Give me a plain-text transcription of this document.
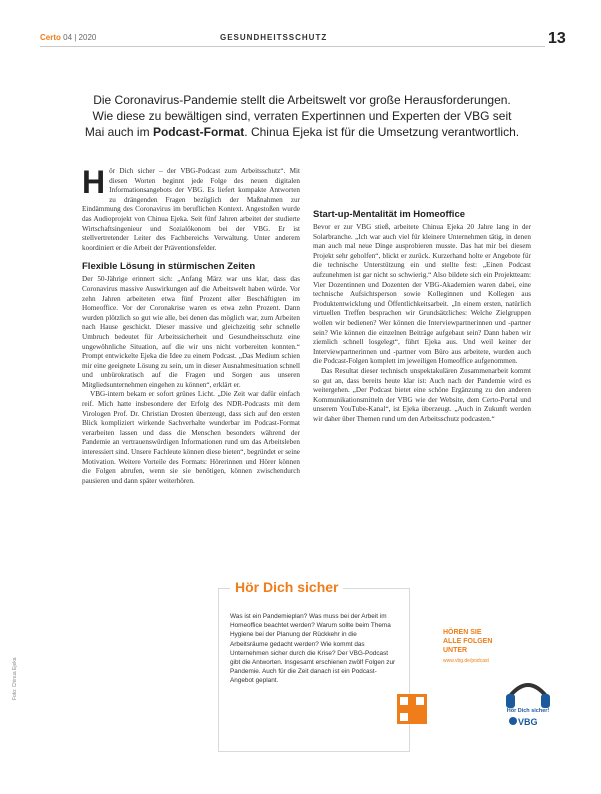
Certo 04 | 2020	GESUNDHEITSSCHUTZ	13
Die Coronavirus-Pandemie stellt die Arbeitswelt vor große Herausforderungen. Wie diese zu bewältigen sind, verraten Expertinnen und Experten der VBG seit Mai auch im Podcast-Format. Chinua Ejeka ist für die Umsetzung verantwortlich.

Hör Dich sicher – der VBG-Podcast zum Arbeitsschutz“. Mit diesen Worten beginnt jede Folge des neuen digitalen Informationsangebots der VBG. Es liefert kompakte Antworten zu drängenden Fragen bezüglich der Maßnahmen zur Eindämmung des Coronavirus im beruflichen Kontext. Angestoßen wurde das Audioprojekt von Chinua Ejeka. Seit fünf Jahren arbeitet der studierte Wirtschaftsingenieur und Sozialökonom bei der VBG. Er ist stellvertretender Leiter des Fachbereichs Verwaltung. Unter anderem koordiniert er die Arbeit der Präventionsfelder.

Flexible Lösung in stürmischen Zeiten

Der 50-Jährige erinnert sich: „Anfang März war uns klar, dass das Coronavirus massive Auswirkungen auf die Arbeitswelt haben würde. Vor zehn Jahren arbeiteten etwa fünf Prozent aller Beschäftigten im Homeoffice. Vor der Coronakrise waren es etwa zehn Prozent. Dann wurden plötzlich so gut wie alle, bei denen das möglich war, zum Arbeiten nach Hause geschickt. Dieser massive und gleichzeitig sehr schnelle Umbruch bedeutet für Arbeitssicherheit und Gesundheitsschutz eine ungewöhnliche Situation, auf die wir uns nicht vorbereiten konnten.“ Prompt entwickelte Ejeka die Idee zu einem Podcast. „Das Medium schien mir eine geeignete Lösung zu sein, um in dieser Ausnahmesituation schnell und unbürokratisch auf die Fragen und Sorgen aus unseren Mitgliedsunternehmen eingehen zu können“, erklärt er.

VBG-intern bekam er sofort grünes Licht. „Die Zeit war dafür einfach reif. Mich hatte insbesondere der Erfolg des NDR-Podcasts mit dem Virologen Prof. Dr. Christian Drosten überzeugt, dass sich auf den ersten Blick kompliziert wirkende Sachverhalte wunderbar im Podcast-Format verarbeiten lassen und dass die Menschen besonders während der Pandemie an vertrauenswürdigen Informationen rund um das Arbeitsleben interessiert sind. Unsere Fachleute können diese bieten“, begründet er seine Motivation. Weitere Vorteile des Formats: Hörerinnen und Hörer können die Folgen abrufen, wenn sie sie benötigen, können zwischendurch pausieren und dann später weiterhören.

Start-up-Mentalität im Homeoffice

Bevor er zur VBG stieß, arbeitete Chinua Ejeka 20 Jahre lang in der Solarbranche. „Ich war auch viel für kleinere Unternehmen tätig, in denen man auch mal neue Dinge ausprobieren musste. Das hat mir bei diesem Projekt sehr geholfen“, blickt er zurück. Kurzerhand holte er Angebote für die technische Unterstützung ein und stellte fest: „Einen Podcast aufzunehmen ist gar nicht so schwierig.“ Also bildete sich ein Projektteam: Vier Dozentinnen und Dozenten der VBG-Akademien waren dabei, eine technische Aufsichtsperson sowie Kolleginnen und Kollegen aus Produktentwicklung und Öffentlichkeitsarbeit. „In einem ersten, natürlich virtuellen Treffen besprachen wir Grundsätzliches: Welche Zielgruppen wollen wir bedienen? Wer können die Interviewpartnerinnen und -partner sein? Wie können die einzelnen Beiträge aufgebaut sein? Dann haben wir ziemlich schnell losgelegt“, führt Ejeka aus. Und weil keiner der Interviewpartnerinnen und -partner vom Büro aus arbeitete, wurden auch die Podcast-Folgen komplett im jeweiligen Homeoffice aufgenommen.

Das Resultat dieser technisch unspektakulären Zusammenarbeit kommt so gut an, dass bereits heute klar ist: Auch nach der Pandemie wird es weitergehen. „Der Podcast bietet eine schöne Ergänzung zu den anderen Kommunikationsmitteln der VBG wie der Website, dem Certo-Portal und unserem YouTube-Kanal“, ist Ejeka überzeugt. „Auch in Zukunft werden wir daher über Themen rund um den Arbeitsschutz podcasten.“

Hör Dich sicher
Was ist ein Pandemieplan? Was muss bei der Arbeit im Homeoffice beachtet werden? Warum sollte beim Thema Hygiene bei der Planung der Rückkehr in die Arbeitsräume gedacht werden? Wie kommt das Unternehmen sicher durch die Krise? Der VBG-Podcast gibt die Antworten. Insgesamt erschienen zwölf Folgen zur Pandemie. Auch für die Zeit danach ist ein Podcast-Angebot geplant.
HÖREN SIE
ALLE FOLGEN
UNTER
www.vbg.de/podcast
Hör Dich sicher!
VBG
Foto: Chinua Ejeka
